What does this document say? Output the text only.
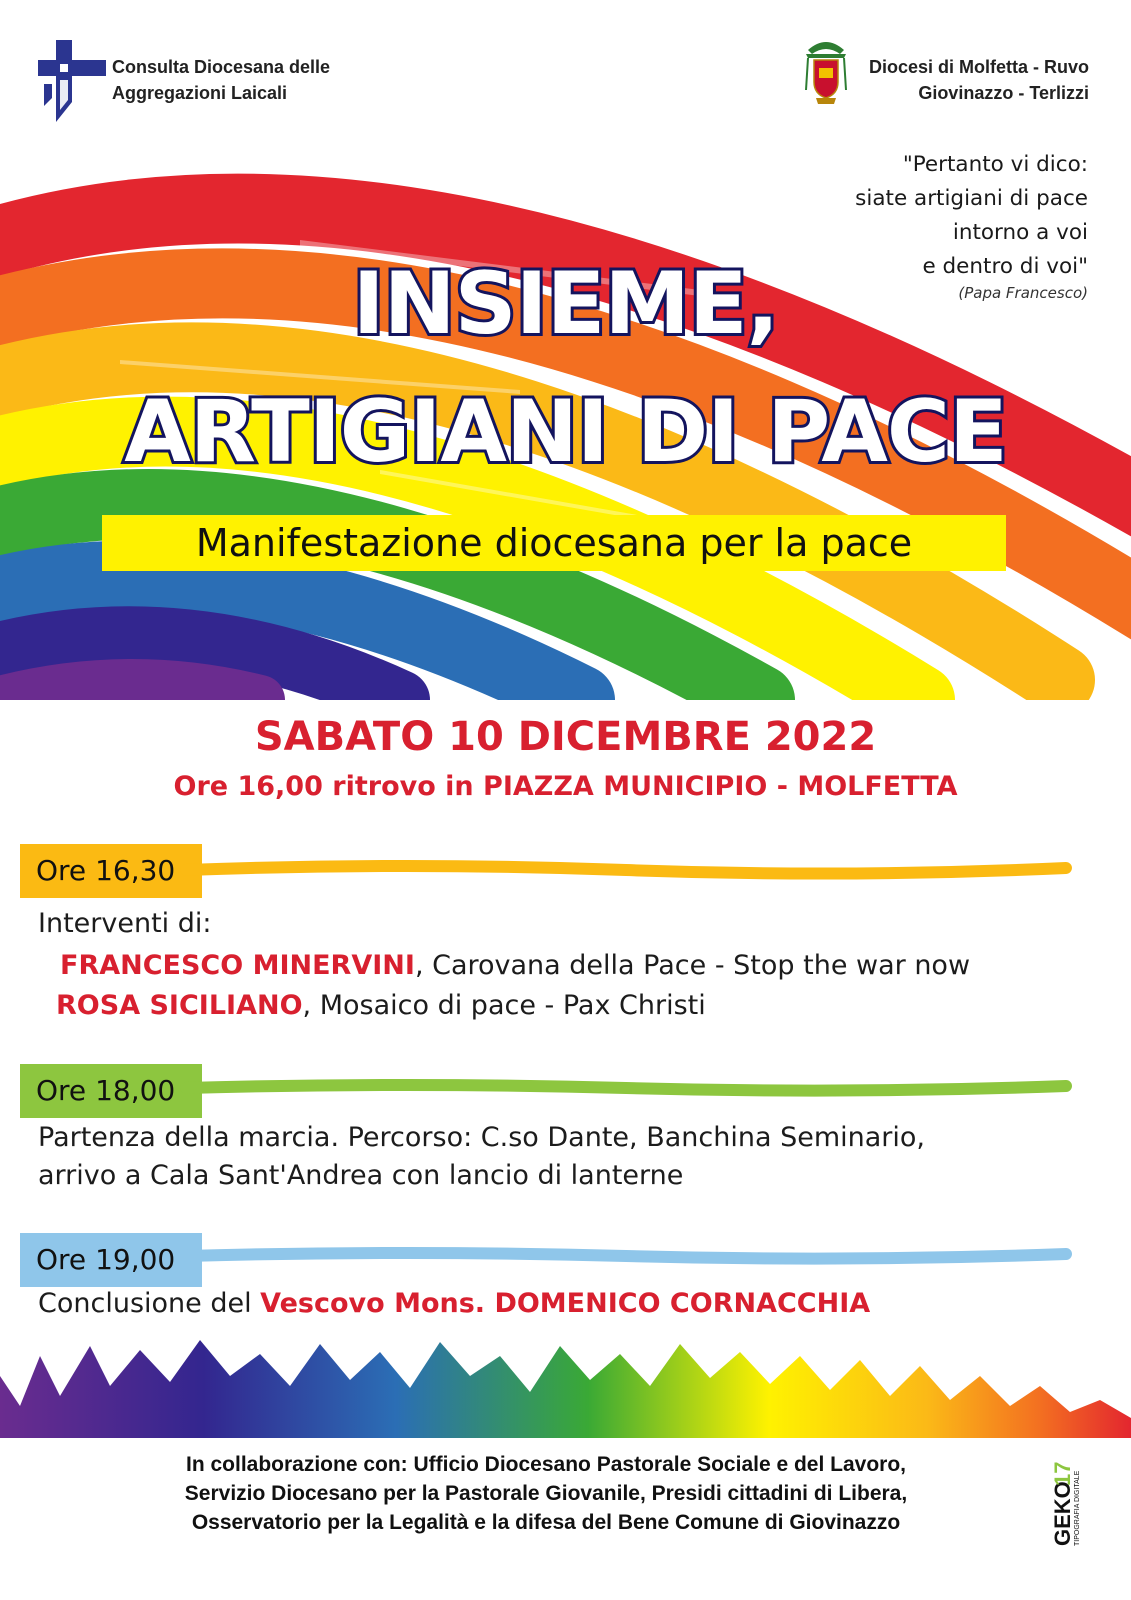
Consulta Diocesana delle
Aggregazioni Laicali
Diocesi di Molfetta - Ruvo
Giovinazzo - Terlizzi
"Pertanto vi dico:
siate artigiani di pace
intorno a voi
e dentro di voi"
(Papa Francesco)
INSIEME,
ARTIGIANI DI PACE
Manifestazione diocesana per la pace
SABATO 10 DICEMBRE 2022
Ore 16,00 ritrovo in PIAZZA MUNICIPIO - MOLFETTA
Ore 16,30
Interventi di:
FRANCESCO MINERVINI, Carovana della Pace - Stop the war now
ROSA SICILIANO, Mosaico di pace - Pax Christi
Ore 18,00
Partenza della marcia. Percorso: C.so Dante, Banchina Seminario,
arrivo a Cala Sant'Andrea con lancio di lanterne
Ore 19,00
Conclusione del Vescovo Mons. DOMENICO CORNACCHIA
In collaborazione con: Ufficio Diocesano Pastorale Sociale e del Lavoro,
Servizio Diocesano per la Pastorale Giovanile, Presidi cittadini di Libera,
Osservatorio per la Legalità e la difesa del Bene Comune di Giovinazzo	GEKO
17 TIPOGRAFIA DIGITALE
